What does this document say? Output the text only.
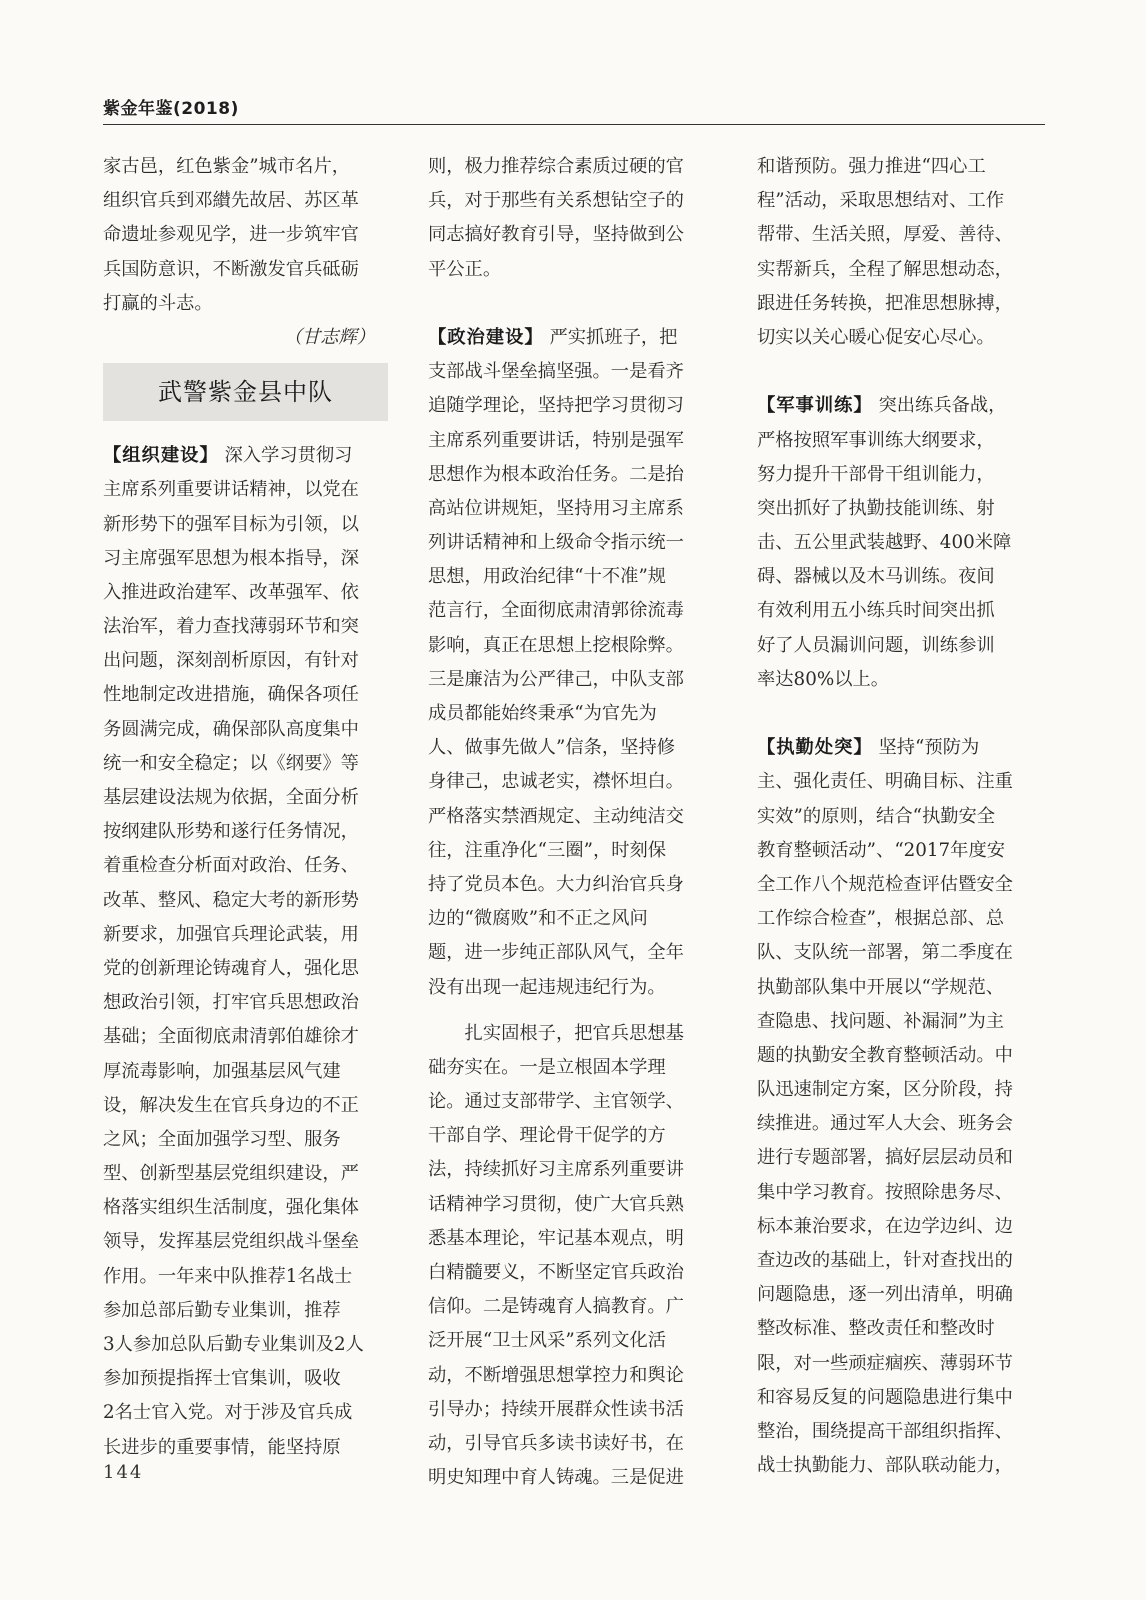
紫金年鉴(2018)
家古邑，红色紫金”城市名片，
组织官兵到邓纉先故居、苏区革
命遗址参观见学，进一步筑牢官
兵国防意识，不断激发官兵砥砺
打赢的斗志。
（甘志辉）
武警紫金县中队
【组织建设】 深入学习贯彻习
主席系列重要讲话精神，以党在
新形势下的强军目标为引领，以
习主席强军思想为根本指导，深
入推进政治建军、改革强军、依
法治军，着力查找薄弱环节和突
出问题，深刻剖析原因，有针对
性地制定改进措施，确保各项任
务圆满完成，确保部队高度集中
统一和安全稳定；以《纲要》等
基层建设法规为依据，全面分析
按纲建队形势和遂行任务情况，
着重检查分析面对政治、任务、
改革、整风、稳定大考的新形势
新要求，加强官兵理论武装，用
党的创新理论铸魂育人，强化思
想政治引领，打牢官兵思想政治
基础；全面彻底肃清郭伯雄徐才
厚流毒影响，加强基层风气建
设，解决发生在官兵身边的不正
之风；全面加强学习型、服务
型、创新型基层党组织建设，严
格落实组织生活制度，强化集体
领导，发挥基层党组织战斗堡垒
作用。一年来中队推荐1名战士
参加总部后勤专业集训，推荐
3人参加总队后勤专业集训及2人
参加预提指挥士官集训，吸收
2名士官入党。对于涉及官兵成
长进步的重要事情，能坚持原
则，极力推荐综合素质过硬的官
兵，对于那些有关系想钻空子的
同志搞好教育引导，坚持做到公
平公正。
【政治建设】 严实抓班子，把
支部战斗堡垒搞坚强。一是看齐
追随学理论，坚持把学习贯彻习
主席系列重要讲话，特别是强军
思想作为根本政治任务。二是抬
高站位讲规矩，坚持用习主席系
列讲话精神和上级命令指示统一
思想，用政治纪律“十不准”规
范言行，全面彻底肃清郭徐流毒
影响，真正在思想上挖根除弊。
三是廉洁为公严律己，中队支部
成员都能始终秉承“为官先为
人、做事先做人”信条，坚持修
身律己，忠诚老实，襟怀坦白。
严格落实禁酒规定、主动纯洁交
往，注重净化“三圈”，时刻保
持了党员本色。大力纠治官兵身
边的“微腐败”和不正之风问
题，进一步纯正部队风气，全年
没有出现一起违规违纪行为。
　　扎实固根子，把官兵思想基
础夯实在。一是立根固本学理
论。通过支部带学、主官领学、
干部自学、理论骨干促学的方
法，持续抓好习主席系列重要讲
话精神学习贯彻，使广大官兵熟
悉基本理论，牢记基本观点，明
白精髓要义，不断坚定官兵政治
信仰。二是铸魂育人搞教育。广
泛开展“卫士风采”系列文化活
动，不断增强思想掌控力和舆论
引导办；持续开展群众性读书活
动，引导官兵多读书读好书，在
明史知理中育人铸魂。三是促进
和谐预防。强力推进“四心工
程”活动，采取思想结对、工作
帮带、生活关照，厚爱、善待、
实帮新兵，全程了解思想动态，
跟进任务转换，把准思想脉搏，
切实以关心暖心促安心尽心。
【军事训练】 突出练兵备战，
严格按照军事训练大纲要求，
努力提升干部骨干组训能力，
突出抓好了执勤技能训练、射
击、五公里武装越野、400米障
碍、器械以及木马训练。夜间
有效利用五小练兵时间突出抓
好了人员漏训问题，训练参训
率达80%以上。
【执勤处突】 坚持“预防为
主、强化责任、明确目标、注重
实效”的原则，结合“执勤安全
教育整顿活动”、“2017年度安
全工作八个规范检查评估暨安全
工作综合检查”，根据总部、总
队、支队统一部署，第二季度在
执勤部队集中开展以“学规范、
查隐患、找问题、补漏洞”为主
题的执勤安全教育整顿活动。中
队迅速制定方案，区分阶段，持
续推进。通过军人大会、班务会
进行专题部署，搞好层层动员和
集中学习教育。按照除患务尽、
标本兼治要求，在边学边纠、边
查边改的基础上，针对查找出的
问题隐患，逐一列出清单，明确
整改标准、整改责任和整改时
限，对一些顽症痼疾、薄弱环节
和容易反复的问题隐患进行集中
整治，围绕提高干部组织指挥、
战士执勤能力、部队联动能力，
144
